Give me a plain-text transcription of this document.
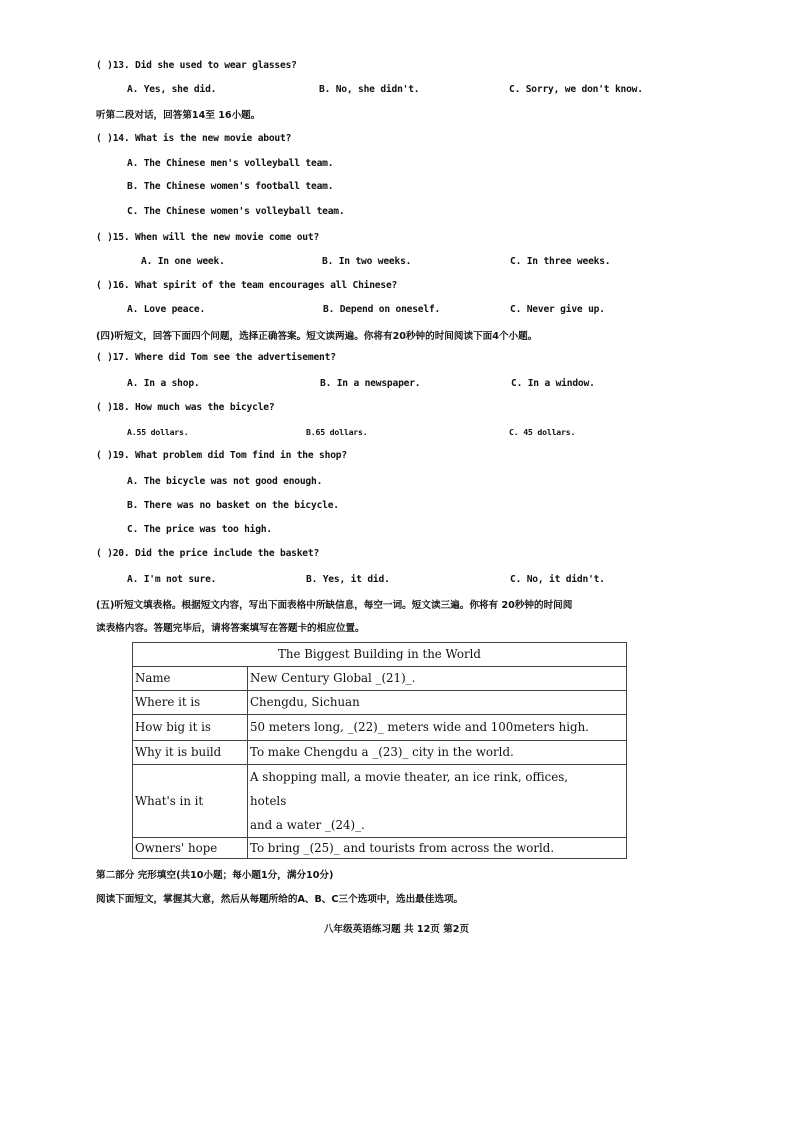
( )13. Did she used to wear glasses?
A. Yes, she did.	B. No, she didn't.	C. Sorry, we don't know.
听第二段对话，回答第14至 16小题。
( )14. What is the new movie about?
A. The Chinese men's volleyball team.
B. The Chinese women's football team.
C. The Chinese women's volleyball team.
( )15. When will the new movie come out?
A. In one week.	B. In two weeks.	C. In three weeks.
( )16. What spirit of the team encourages all Chinese?
A. Love peace.	B. Depend on oneself.	C. Never give up.
(四)听短文，回答下面四个问题，选择正确答案。短文读两遍。你将有20秒钟的时间阅读下面4个小题。
( )17. Where did Tom see the advertisement?
A. In a shop.	B. In a newspaper.	C. In a window.
( )18. How much was the bicycle?
A.55 dollars.	B.65 dollars.	C. 45 dollars.
( )19. What problem did Tom find in the shop?
A. The bicycle was not good enough.
B. There was no basket on the bicycle.
C. The price was too high.
( )20. Did the price include the basket?
A. I'm not sure.	B. Yes, it did.	C. No, it didn't.
(五)听短文填表格。根据短文内容，写出下面表格中所缺信息，每空一词。短文读三遍。你将有 20秒钟的时间阅
读表格内容。答题完毕后，请将答案填写在答题卡的相应位置。
The Biggest Building in the World	
Name	New Century Global _(21)_.
Where it is	Chengdu, Sichuan
How big it is	50 meters long, _(22)_ meters wide and 100meters high.
Why it is build	To make Chengdu a _(23)_ city in the world.
What's in it	A shopping mall, a movie theater, an ice rink, offices,
hotels
and a water _(24)_.

Owners' hope	To bring _(25)_ and tourists from across the world.
第二部分 完形填空(共10小题；每小题1分，满分10分)
阅读下面短文，掌握其大意，然后从每题所给的A、B、C三个选项中，选出最佳选项。
八年级英语练习题 共 12页 第2页
